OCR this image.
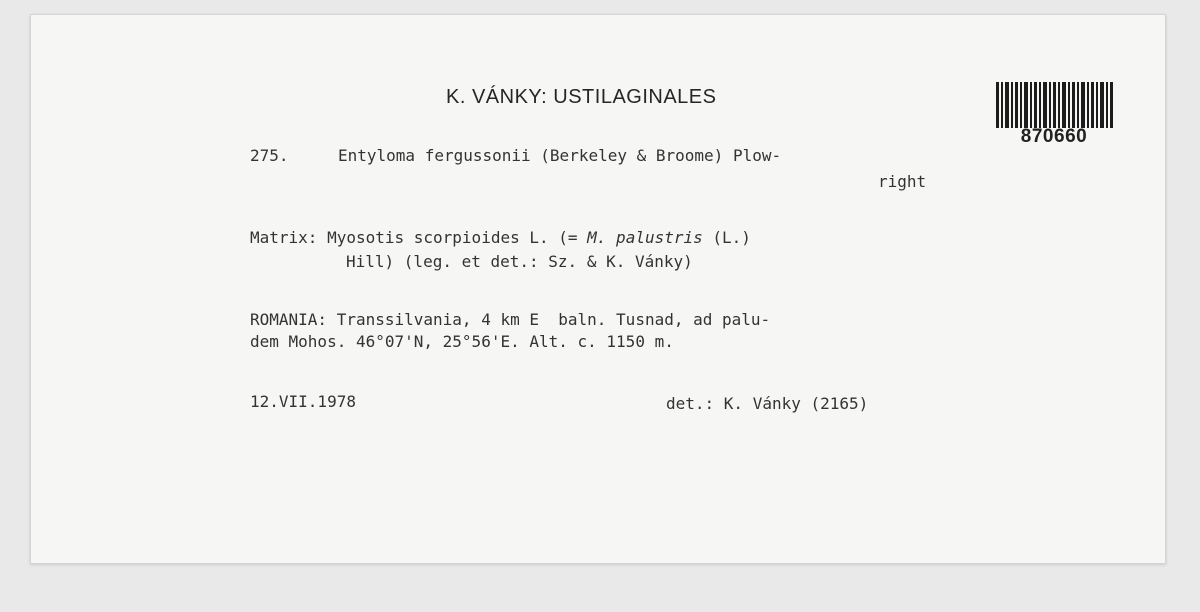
K. VÁNKY: USTILAGINALES
870660
275.	Entyloma fergussonii (Berkeley & Broome) Plow-
right
Matrix: Myosotis scorpioides L. (= M. palustris (L.)
Hill) (leg. et det.: Sz. & K. Vánky)
ROMANIA: Transsilvania, 4 km E  baln. Tusnad, ad palu-
dem Mohos. 46°07'N, 25°56'E. Alt. c. 1150 m.
12.VII.1978	det.: K. Vánky (2165)
